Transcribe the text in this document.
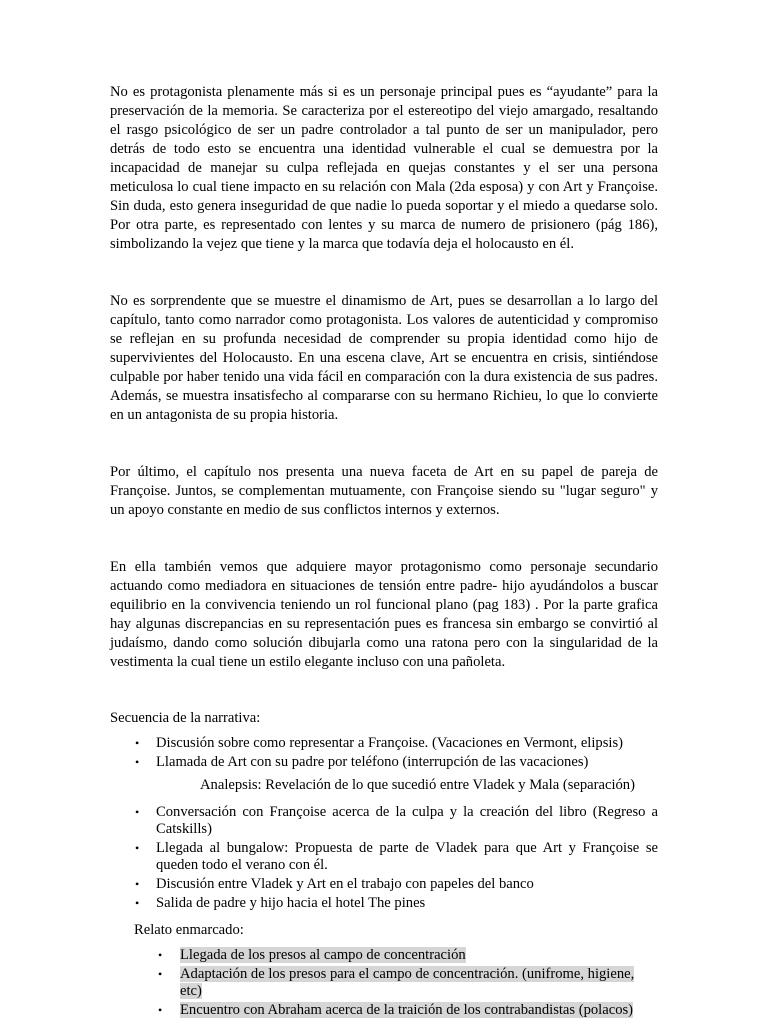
No es protagonista plenamente más si es un personaje principal pues es “ayudante” para la preservación de la memoria. Se caracteriza por el estereotipo del viejo amargado, resaltando el rasgo psicológico de ser un padre controlador a tal punto de ser un manipulador, pero detrás de todo esto se encuentra una identidad vulnerable el cual se demuestra por la incapacidad de manejar su culpa reflejada en quejas constantes y el ser una persona meticulosa lo cual tiene impacto en su relación con Mala (2da esposa) y con Art y Françoise. Sin duda, esto genera inseguridad de que nadie lo pueda soportar y el miedo a quedarse solo. Por otra parte, es representado con lentes y su marca de numero de prisionero (pág 186), simbolizando la vejez que tiene y la marca que todavía deja el holocausto en él.

No es sorprendente que se muestre el dinamismo de Art, pues se desarrollan a lo largo del capítulo, tanto como narrador como protagonista. Los valores de autenticidad y compromiso se reflejan en su profunda necesidad de comprender su propia identidad como hijo de supervivientes del Holocausto. En una escena clave, Art se encuentra en crisis, sintiéndose culpable por haber tenido una vida fácil en comparación con la dura existencia de sus padres. Además, se muestra insatisfecho al compararse con su hermano Richieu, lo que lo convierte en un antagonista de su propia historia.

Por último, el capítulo nos presenta una nueva faceta de Art en su papel de pareja de Françoise. Juntos, se complementan mutuamente, con Françoise siendo su "lugar seguro" y un apoyo constante en medio de sus conflictos internos y externos.

En ella también vemos que adquiere mayor protagonismo como personaje secundario actuando como mediadora en situaciones de tensión entre padre- hijo ayudándolos a buscar equilibrio en la convivencia teniendo un rol funcional plano (pag 183) . Por la parte grafica hay algunas discrepancias en su representación pues es francesa sin embargo se convirtió al judaísmo, dando como solución dibujarla como una ratona pero con la singularidad de la vestimenta la cual tiene un estilo elegante incluso con una pañoleta.

Secuencia de la narrativa:
• Discusión sobre como representar a Françoise. (Vacaciones en Vermont, elipsis)
• Llamada de Art con su padre por teléfono (interrupción de las vacaciones)
Analepsis: Revelación de lo que sucedió entre Vladek y Mala (separación)
• Conversación con Françoise acerca de la culpa y la creación del libro (Regreso a Catskills)
• Llegada al bungalow: Propuesta de parte de Vladek para que Art y Françoise se queden todo el verano con él.
• Discusión entre Vladek y Art en el trabajo con papeles del banco
• Salida de padre y hijo hacia el hotel The pines
Relato enmarcado:
• Llegada de los presos al campo de concentración
• Adaptación de los presos para el campo de concentración. (unifrome, higiene, etc)
• Encuentro con Abraham acerca de la traición de los contrabandistas (polacos)
